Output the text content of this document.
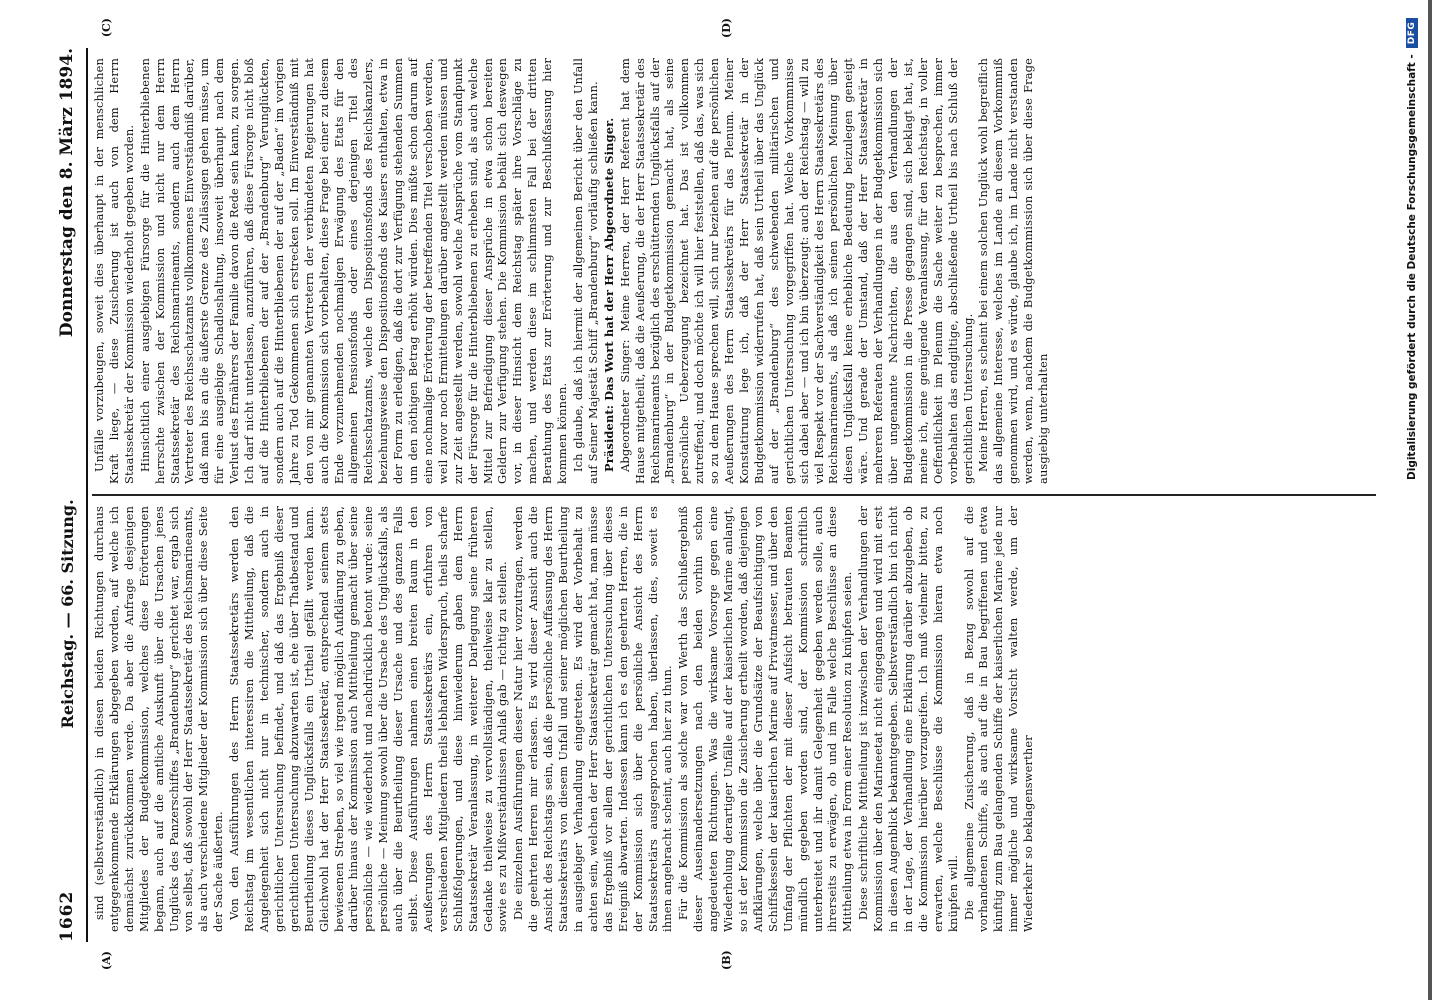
1662
Reichstag. — 66. Sitzung.
Donnerstag den 8. März 1894.
(A)	(B)
(C)	(D)

sind (selbstverständlich) in diesen beiden Richtungen durchaus entgegenkommende Erklärungen abgegeben worden, auf welche ich demnächst zurückkommen werde. Da aber die Anfrage desjenigen Mitgliedes der Budgetkommission, welches diese Erörterungen begann, auch auf die amtliche Auskunft über die Ursachen jenes Unglücks des Panzerschiffes „Brandenburg“ gerichtet war, ergab sich von selbst, daß sowohl der Herr Staatssekretär des Reichsmarineamts, als auch verschiedene Mitglieder der Kommission sich über diese Seite der Sache äußerten. Von den Ausführungen des Herrn Staatssekretärs werden den Reichstag im wesentlichen interessiren die Mittheilung, daß die Angelegenheit sich nicht nur in technischer, sondern auch in gerichtlicher Untersuchung befindet, und daß das Ergebniß dieser gerichtlichen Untersuchung abzuwarten ist, ehe über Thatbestand und Beurtheilung dieses Unglücksfalls ein Urtheil gefällt werden kann. Gleichwohl hat der Herr Staatssekretär, entsprechend seinem stets bewiesenen Streben, so viel wie irgend möglich Aufklärung zu geben, darüber hinaus der Kommission auch Mittheilung gemacht über seine persönliche — wie wiederholt und nachdrücklich betont wurde: seine persönliche — Meinung sowohl über die Ursache des Unglücksfalls, als auch über die Beurtheilung dieser Ursache und des ganzen Falls selbst. Diese Ausführungen nahmen einen breiten Raum in den Aeußerungen des Herrn Staatssekretärs ein, erfuhren von verschiedenen Mitgliedern theils lebhaften Widerspruch, theils scharfe Schlußfolgerungen, und diese hinwiederum gaben dem Herrn Staatssekretär Veranlassung, in weiterer Darlegung seine früheren Gedanke theilweise zu vervollständigen, theilweise klar zu stellen, sowie es zu Mißverständnissen Anlaß gab — richtig zu stellen. Die einzelnen Ausführungen dieser Natur hier vorzutragen, werden die geehrten Herren mir erlassen. Es wird dieser Ansicht auch die Ansicht des Reichstags sein, daß die persönliche Auffassung des Herrn Staatssekretärs von diesem Unfall und seiner möglichen Beurtheilung in ausgiebiger Verhandlung eingetreten. Es wird der Vorbehalt zu achten sein, welchen der Herr Staatssekretär gemacht hat, man müsse das Ergebniß vor allem der gerichtlichen Untersuchung über dieses Ereigniß abwarten. Indessen kann ich es den geehrten Herren, die in der Kommission sich über die persönliche Ansicht des Herrn Staatssekretärs ausgesprochen haben, überlassen, dies, soweit es ihnen angebracht scheint, auch hier zu thun. Für die Kommission als solche war von Werth das Schlußergebniß dieser Auseinandersetzungen nach den beiden vorhin schon angedeuteten Richtungen. Was die wirksame Vorsorge gegen eine Wiederholung derartiger Unfälle auf der kaiserlichen Marine anlangt, so ist der Kommission die Zusicherung ertheilt worden, daß diejenigen Aufklärungen, welche über die Grundsätze der Beaufsichtigung von Schiffskesseln der kaiserlichen Marine auf Privatmesser, und über den Umfang der Pflichten der mit dieser Aufsicht betrauten Beamten mündlich gegeben worden sind, der Kommission schriftlich unterbreitet und ihr damit Gelegenheit gegeben werden solle, auch ihrerseits zu erwägen, ob und im Falle welche Beschlüsse an diese Mittheilung etwa in Form einer Resolution zu knüpfen seien. Diese schriftliche Mittheilung ist inzwischen der Verhandlungen der Kommission über den Marineetat nicht eingegangen und wird mit erst in diesen Augenblick bekanntgegeben. Selbstverständlich bin ich nicht in der Lage, der Verhandlung eine Erklärung darüber abzugeben, ob die Kommission hierüber vorzugreifen. Ich muß vielmehr bitten, zu erwarten, welche Beschlüsse die Kommission hieran etwa noch knüpfen will. Die allgemeine Zusicherung, daß in Bezug sowohl auf die vorhandenen Schiffe, als auch auf die in Bau begriffenen und etwa künftig zum Bau gelangenden Schiffe der kaiserlichen Marine jede nur immer mögliche und wirksame Vorsicht walten werde, um der Wiederkehr so beklagenswerther

Unfälle vorzubeugen, soweit dies überhaupt in der menschlichen Kraft liege, — diese Zusicherung ist auch von dem Herrn Staatssekretär der Kommission wiederholt gegeben worden. Hinsichtlich einer ausgiebigen Fürsorge für die Hinterbliebenen herrschte zwischen der Kommission und nicht nur dem Herrn Staatssekretär des Reichsmarineamts, sondern auch dem Herrn Vertreter des Reichsschatzamts vollkommenes Einverständniß darüber, daß man bis an die äußerste Grenze des Zulässigen gehen müsse, um für eine ausgiebige Schadloshaltung, insoweit überhaupt nach dem Verlust des Ernährers der Familie davon die Rede sein kann, zu sorgen. Ich darf nicht unterlassen, anzuführen, daß diese Fürsorge nicht bloß auf die Hinterbliebenen der auf der „Brandenburg“ Verunglückten, sondern auch auf die Hinterbliebenen der auf der „Baden“ im vorigen Jahre zu Tod Gekommenen sich erstrecken soll. Im Einverständniß mit den von mir genannten Vertretern der verbündeten Regierungen hat auch die Kommission sich vorbehalten, diese Frage bei einer zu diesem Ende vorzunehmenden nochmaligen Erwägung des Etats für den allgemeinen Pensionsfonds oder eines derjenigen Titel des Reichsschatzamts, welche den Dispositionsfonds des Reichskanzlers, beziehungsweise den Dispositionsfonds des Kaisers enthalten, etwa in der Form zu erledigen, daß die dort zur Verfügung stehenden Summen um den nöthigen Betrag erhöht würden. Dies müßte schon darum auf eine nochmalige Erörterung der betreffenden Titel verschoben werden, weil zuvor noch Ermittelungen darüber angestellt werden müssen und zur Zeit angestellt werden, sowohl welche Ansprüche vom Standpunkt der Fürsorge für die Hinterbliebenen zu erheben sind, als auch welche Mittel zur Befriedigung dieser Ansprüche in etwa schon bereiten Geldern zur Verfügung stehen. Die Kommission behält sich deswegen vor, in dieser Hinsicht dem Reichstag später ihre Vorschläge zu machen, und werden diese im schlimmsten Fall bei der dritten Berathung des Etats zur Erörterung und zur Beschlußfassung hier kommen können. Ich glaube, daß ich hiermit der allgemeinen Bericht über den Unfall auf Seiner Majestät Schiff „Brandenburg“ vorläufig schließen kann. Präsident: Das Wort hat der Herr Abgeordnete Singer. Abgeordneter Singer: Meine Herren, der Herr Referent hat dem Hause mitgetheilt, daß die Aeußerung, die der Herr Staatssekretär des Reichsmarineamts bezüglich des erschütternden Unglücksfalls auf der „Brandenburg“ in der Budgetkommission gemacht hat, als seine persönliche Ueberzeugung bezeichnet hat. Das ist vollkommen zutreffend; und doch möchte ich will hier feststellen, daß das, was sich so zu dem Hause sprechen will, sich nur beziehen auf die persönlichen Aeußerungen des Herrn Staatssekretärs für das Plenum. Meiner Konstatirung lege ich, daß der Herr Staatssekretär in der Budgetkommission widerrufen hat, daß sein Urtheil über das Unglück auf der „Brandenburg“ des schwebenden militärischen und gerichtlichen Untersuchung vorgegriffen hat. Welche Vorkommnisse sich dabei aber — und ich bin überzeugt: auch der Reichstag — will zu viel Respekt vor der Sachverständigkeit des Herrn Staatssekretärs des Reichsmarineamts, als daß ich seinen persönlichen Meinung über diesen Unglücksfall keine erhebliche Bedeutung beizulegen geneigt wäre. Und gerade der Umstand, daß der Herr Staatssekretär in mehreren Referaten der Verhandlungen in der Budgetkommission sich über ungenannte Nachrichten, die aus den Verhandlungen der Budgetkommission in die Presse gegangen sind, sich beklagt hat, ist, meine ich, eine genügende Veranlassung, für den Reichstag, in voller Oeffentlichkeit im Plenum die Sache weiter zu besprechen, immer vorbehalten das endgiltige, abschließende Urtheil bis nach Schluß der gerichtlichen Untersuchung. Meine Herren, es scheint bei einem solchen Unglück wohl begreiflich das allgemeine Interesse, welches im Lande an diesem Vorkommniß genommen wird, und es würde, glaube ich, im Lande nicht verstanden werden, wenn, nachdem die Budgetkommission sich über diese Frage ausgiebig unterhalten	Digitalisierung gefördert durch die Deutsche Forschungsgemeinschaft -
DFG
